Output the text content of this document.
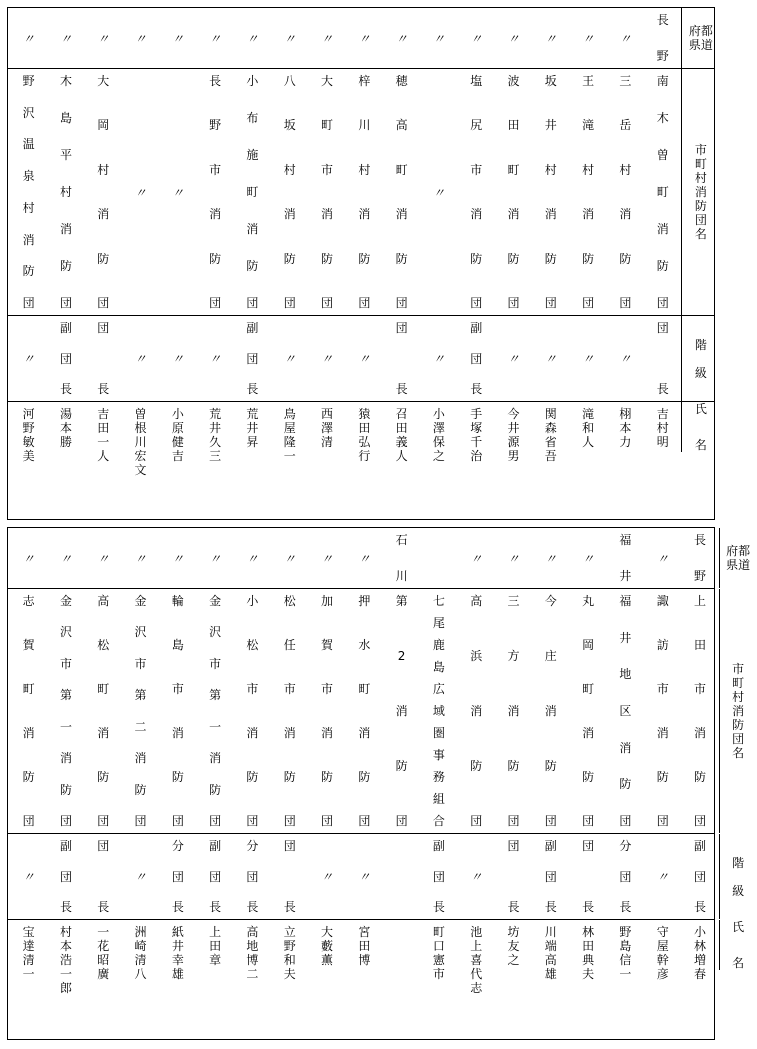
〃 〃 〃 〃 〃 〃 〃 〃 〃 〃 〃 〃 〃 〃 〃 〃 〃
長
野
府都
県道
野
沢
温
泉
村
消
防
団
木
島
平
村
消
防
団
大
岡
村
消
防
団
〃 〃
長
野
市
消
防
団
小
布
施
町
消
防
団
八
坂
村
消
防
団
大
町
市
消
防
団
梓
川
村
消
防
団
穂
高
町
消
防
団
〃
塩
尻
市
消
防
団
波
田
町
消
防
団
坂
井
村
消
防
団
王
滝
村
消
防
団
三
岳
村
消
防
団
南
木
曽
町
消
防
団
市
町
村
消
防
団
名
〃
副
団
長
団
長
〃 〃 〃
副
団
長
〃 〃 〃
団
長
〃
副
団
長
〃 〃 〃 〃
団
長
階
級
河
野
敏
美
湯
本
勝
吉
田
一
人
曽
根
川
宏
文
小
原
健
吉
荒
井
久
三
荒
井
昇
鳥
屋
隆
一
西
澤
清
猿
田
弘
行
召
田
義
人
小
澤
保
之
手
塚
千
治
今
井
源
男
関
森
省
吾
滝
和
人
栩
本
力
吉
村
明
氏
名
〃 〃 〃 〃 〃 〃 〃 〃 〃 〃
石
川
〃 〃 〃 〃
福
井
〃
長
野
府都
県道
志
賀
町
消
防
団
金
沢
市
第
一
消
防
団
高
松
町
消
防
団
金
沢
市
第
二
消
防
団
輪
島
市
消
防
団
金
沢
市
第
一
消
防
団
小
松
市
消
防
団
松
任
市
消
防
団
加
賀
市
消
防
団
押
水
町
消
防
団
第
2
消
防
団
七
尾
鹿
島
広
域
圏
事
務
組
合
高
浜
消
防
団
三
方
消
防
団
今
庄
消
防
団
丸
岡
町
消
防
団
福
井
地
区
消
防
団
諏
訪
市
消
防
団
上
田
市
消
防
団
市
町
村
消
防
団
名
〃
副
団
長
団
長
〃
分
団
長
副
団
長
分
団
長
団
長
〃 〃
副
団
長
〃
団
長
副
団
長
団
長
分
団
長
〃
副
団
長
階
級
宝
達
清
一
村
本
浩
一
郎
一
花
昭
廣
洲
崎
清
八
紙
井
幸
雄
上
田
章
高
地
博
二
立
野
和
夫
大
藪
薫
宮
田
博
町
口
憲
市
池
上
喜
代
志
坊
友
之
川
端
高
雄
林
田
典
夫
野
島
信
一
守
屋
幹
彦
小
林
増
春
氏
名
